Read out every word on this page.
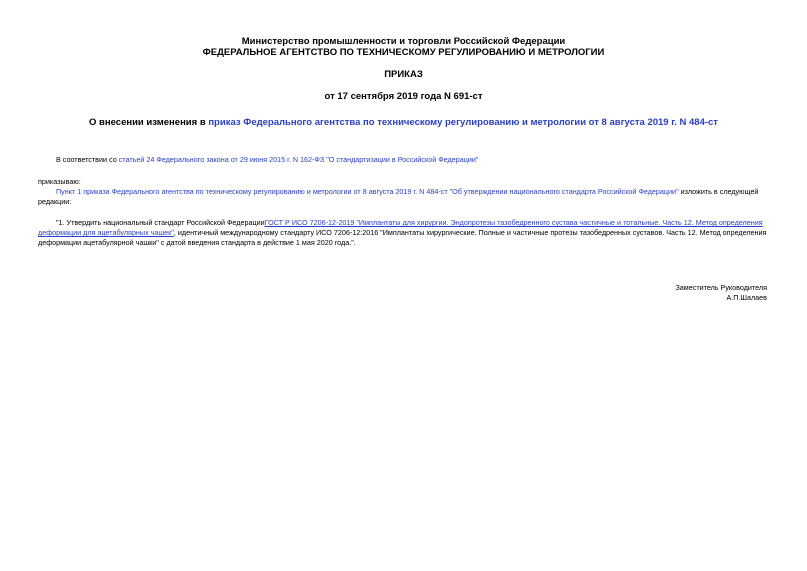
Министерство промышленности и торговли Российской Федерации
ФЕДЕРАЛЬНОЕ АГЕНТСТВО ПО ТЕХНИЧЕСКОМУ РЕГУЛИРОВАНИЮ И МЕТРОЛОГИИ
ПРИКАЗ
от 17 сентября 2019 года N 691-ст
О внесении изменения в приказ Федерального агентства по техническому регулированию и метрологии от 8 августа 2019 г. N 484-ст
В соответствии со статьей 24 Федерального закона от 29 июня 2015 г. N 162-ФЗ "О стандартизации в Российской Федерации"
приказываю:
Пункт 1 приказа Федерального агентства по техническому регулированию и метрологии от 8 августа 2019 г. N 484-ст "Об утверждении национального стандарта Российской Федерации" изложить в следующей
редакции:
"1. Утвердить национальный стандарт Российской ФедерацииГОСТ Р ИСО 7206-12-2019 "Имплантаты для хирургии. Эндопротезы тазобедренного сустава частичные и тотальные. Часть 12. Метод определения
деформации для ацетабулярных чашек", идентичный международному стандарту ИСО 7206-12:2016 "Имплантаты хирургические. Полные и частичные протезы тазобедренных суставов. Часть 12. Метод определения
деформации ацетабулярной чашки" с датой введения стандарта в действие 1 мая 2020 года.".
Заместитель Руководителя
А.П.Шалаев
